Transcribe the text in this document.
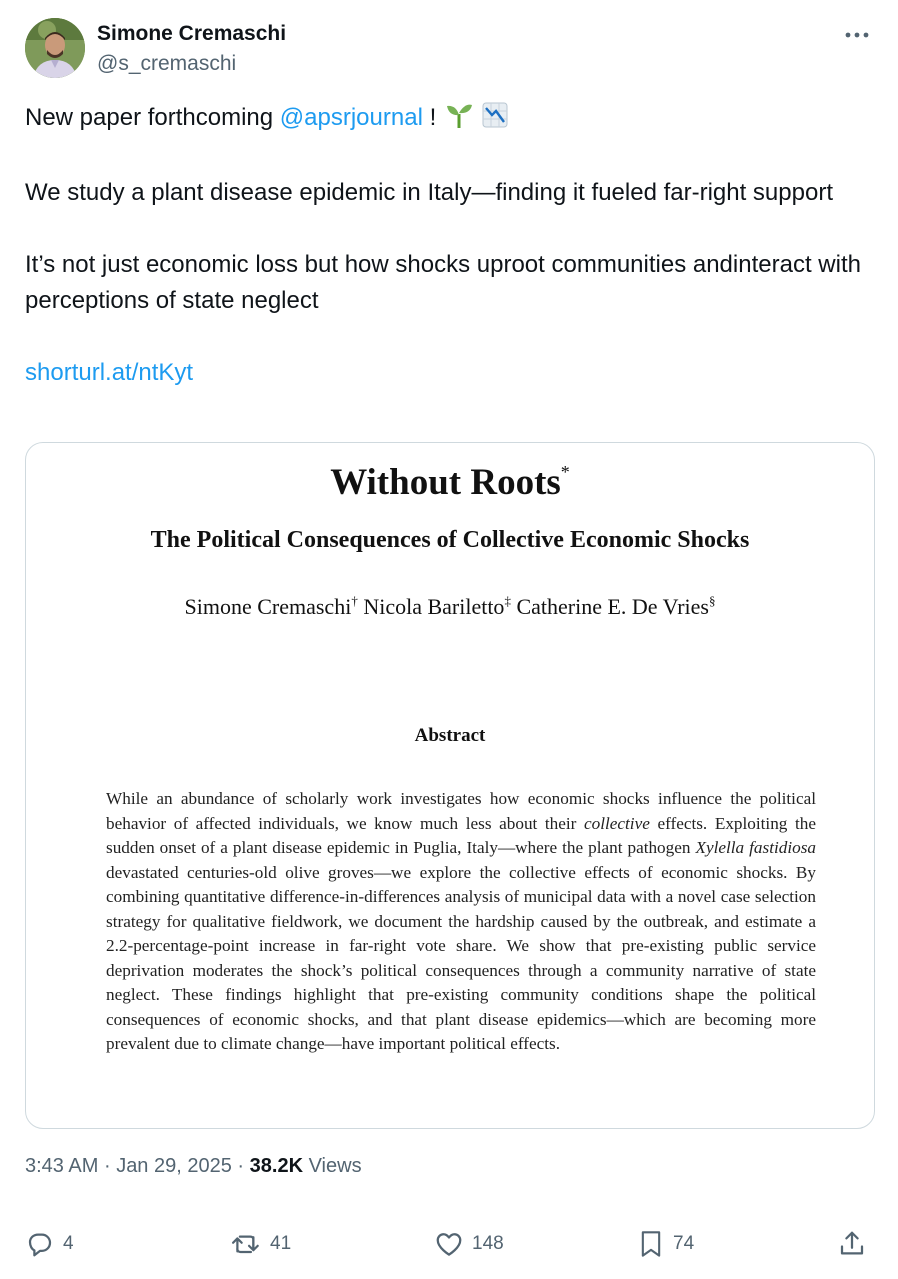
Simone Cremaschi
@s_cremaschi
New paper forthcoming @apsrjournal !
We study a plant disease epidemic in Italy—finding it fueled far-right support
It’s not just economic loss but how shocks uproot communities andinteract with perceptions of state neglect
shorturl.at/ntKyt
Without Roots*
The Political Consequences of Collective Economic Shocks
Simone Cremaschi† Nicola Bariletto‡ Catherine E. De Vries§
Abstract
While an abundance of scholarly work investigates how economic shocks influence the political behavior of affected individuals, we know much less about their collective effects. Exploiting the sudden onset of a plant disease epidemic in Puglia, Italy—where the plant pathogen Xylella fastidiosa devastated centuries-old olive groves—we explore the collective effects of economic shocks. By combining quantitative difference-in-differences analysis of municipal data with a novel case selection strategy for qualitative fieldwork, we document the hardship caused by the outbreak, and estimate a 2.2-percentage-point increase in far-right vote share. We show that pre-existing public service deprivation moderates the shock’s political consequences through a community narrative of state neglect. These findings highlight that pre-existing community conditions shape the political consequences of economic shocks, and that plant disease epidemics—which are becoming more prevalent due to climate change—have important political effects.
3:43 AM · Jan 29, 2025 · 38.2K Views
4	41	148	74
